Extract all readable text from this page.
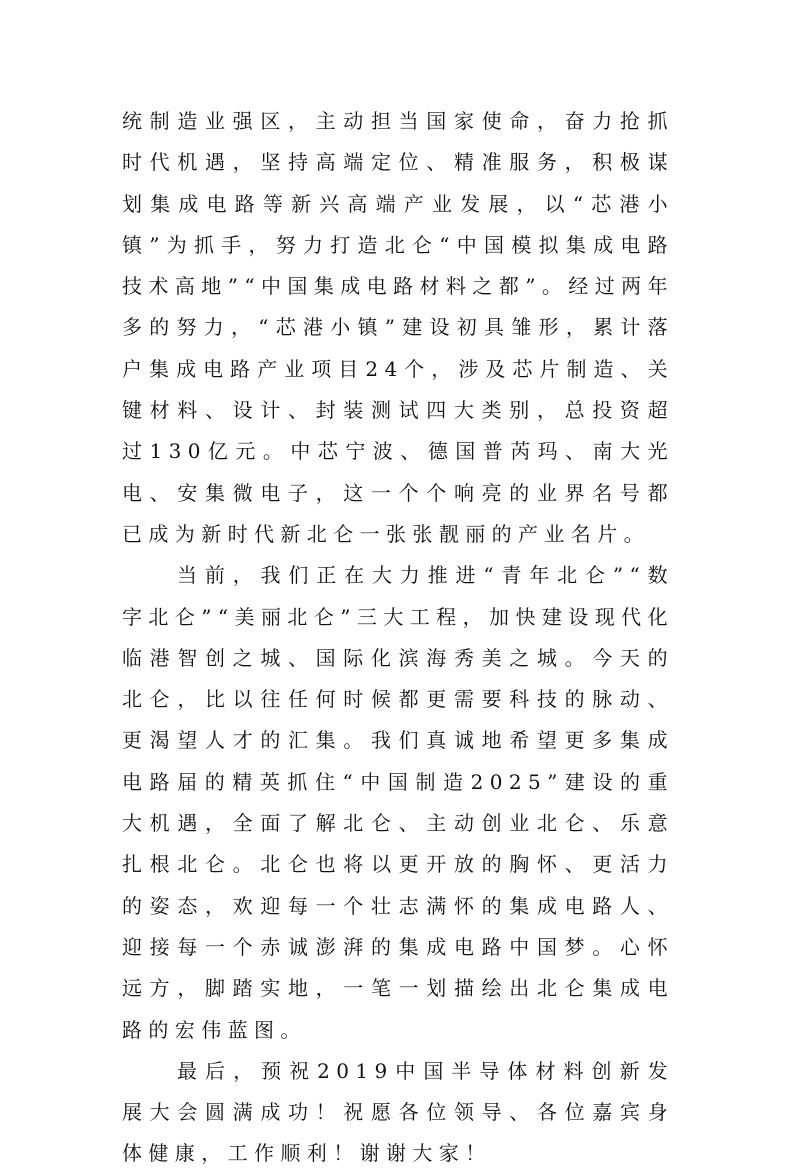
统制造业强区，主动担当国家使命，奋力抢抓时代机遇，坚持高端定位、精准服务，积极谋划集成电路等新兴高端产业发展，以“芯港小镇”为抓手，努力打造北仑“中国模拟集成电路技术高地”“中国集成电路材料之都”。经过两年多的努力，“芯港小镇”建设初具雏形，累计落户集成电路产业项目24个，涉及芯片制造、关键材料、设计、封装测试四大类别，总投资超过130亿元。中芯宁波、德国普芮玛、南大光电、安集微电子，这一个个响亮的业界名号都已成为新时代新北仑一张张靓丽的产业名片。

当前，我们正在大力推进“青年北仑”“数字北仑”“美丽北仑”三大工程，加快建设现代化临港智创之城、国际化滨海秀美之城。今天的北仑，比以往任何时候都更需要科技的脉动、更渴望人才的汇集。我们真诚地希望更多集成电路届的精英抓住“中国制造2025”建设的重大机遇，全面了解北仑、主动创业北仑、乐意扎根北仑。北仑也将以更开放的胸怀、更活力的姿态，欢迎每一个壮志满怀的集成电路人、迎接每一个赤诚澎湃的集成电路中国梦。心怀远方，脚踏实地，一笔一划描绘出北仑集成电路的宏伟蓝图。

最后，预祝2019中国半导体材料创新发展大会圆满成功！祝愿各位领导、各位嘉宾身体健康，工作顺利！谢谢大家！
